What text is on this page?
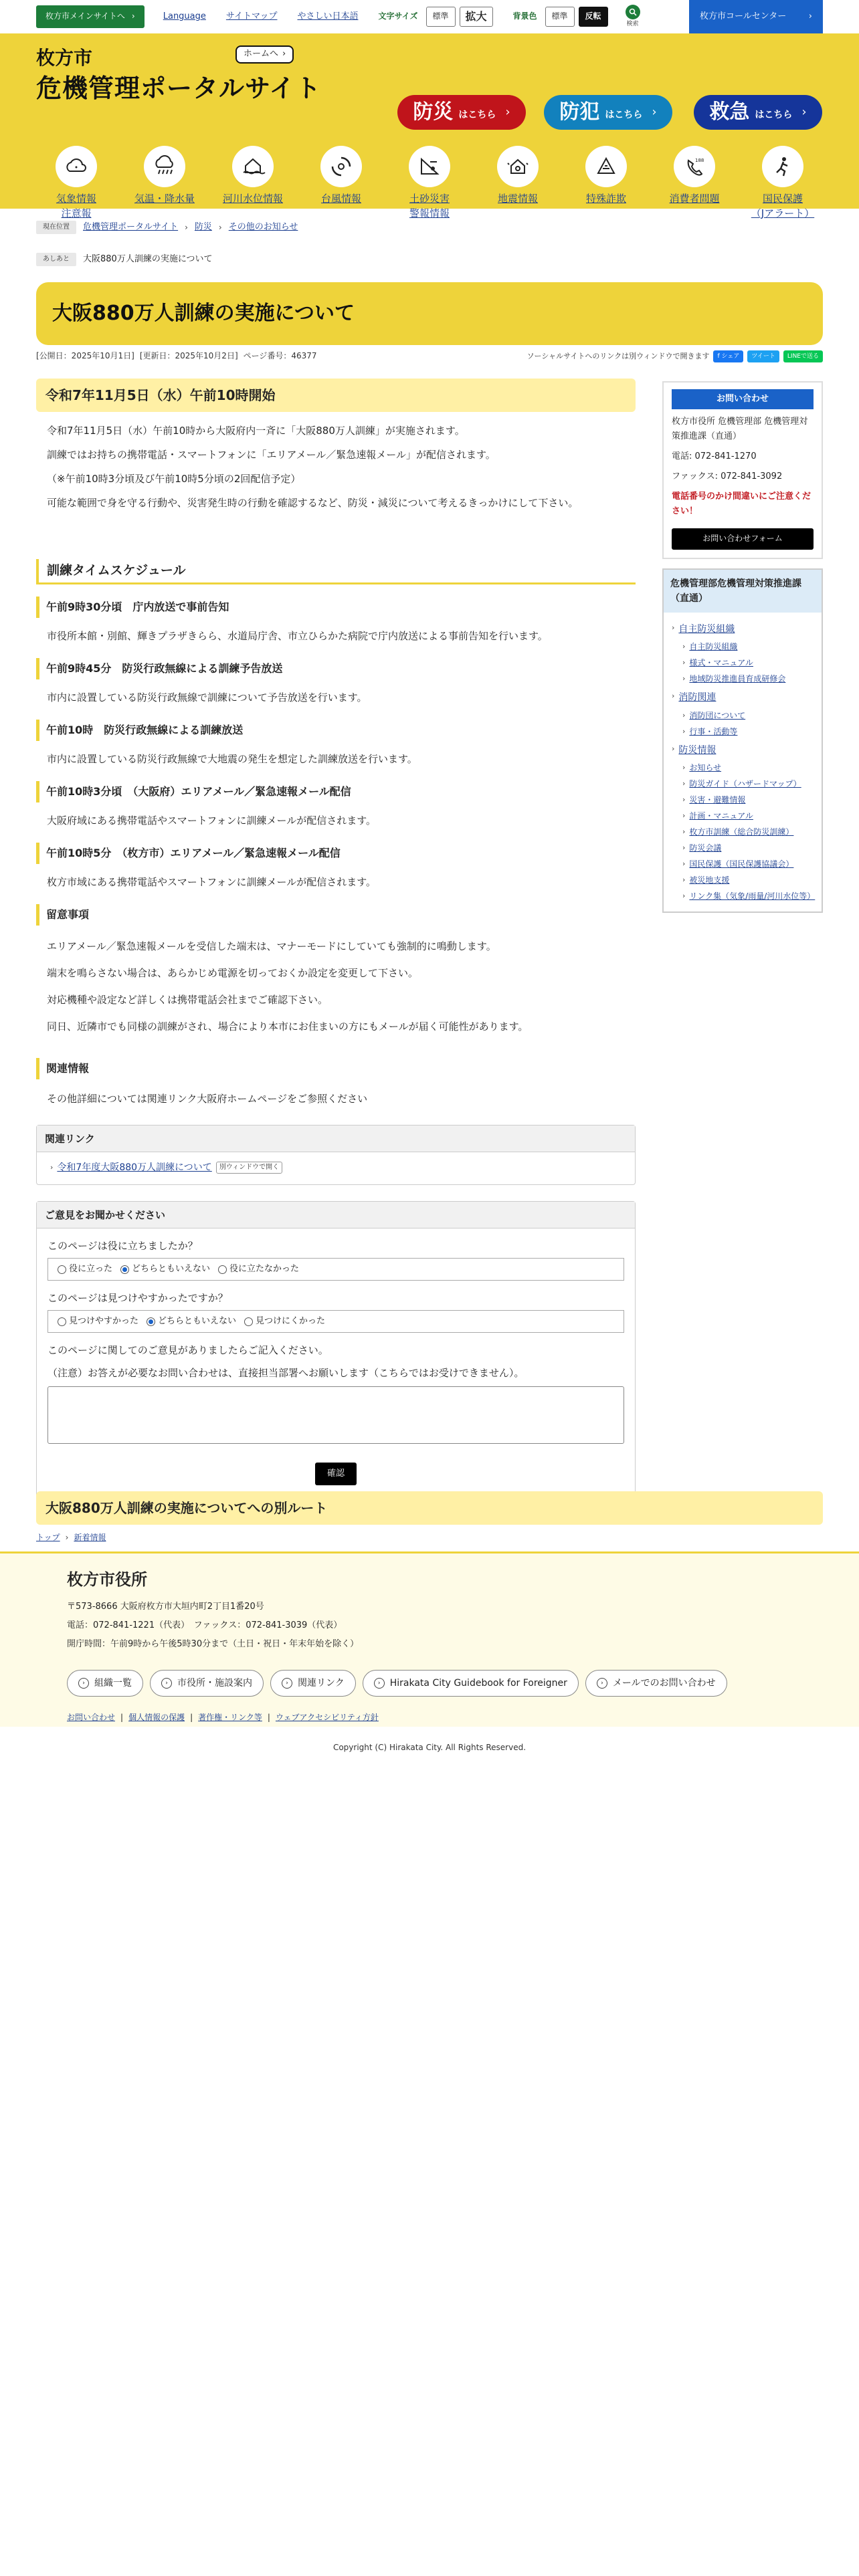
枚方市メインサイトへ ›	Language サイトマップ やさしい日本語	文字サイズ	標準	拡大	背景色	標準	反転
検索
枚方市コールセンター	›
枚方市
危機管理ポータルサイト
ホームへ ›
防災 はこちら › 防犯 はこちら ›	救急 はこちら ›
気象情報
注意報
気温・降水量	河川水位情報	台風情報	土砂災害
警報情報
地震情報	特殊詐欺
188
消費者問題	国民保護
（Jアラート）
現在位置	危機管理ポータルサイト › 防災 › その他のお知らせ
あしあと	大阪880万人訓練の実施について
大阪880万人訓練の実施について
[公開日：2025年10月1日] [更新日：2025年10月2日] ページ番号：46377	ソーシャルサイトへのリンクは別ウィンドウで開きます	f シェア	ツイート	LINEで送る
令和7年11月5日（水）午前10時開始

令和7年11月5日（水）午前10時から大阪府内一斉に「大阪880万人訓練」が実施されます。

訓練ではお持ちの携帯電話・スマートフォンに「エリアメール／緊急速報メール」が配信されます。

（※午前10時3分頃及び午前10時5分頃の2回配信予定）

可能な範囲で身を守る行動や、災害発生時の行動を確認するなど、防災・減災について考えるきっかけにして下さい。

訓練タイムスケジュール
午前9時30分頃　庁内放送で事前告知

市役所本館・別館、輝きプラザきらら、水道局庁舎、市立ひらかた病院で庁内放送による事前告知を行います。

午前9時45分　防災行政無線による訓練予告放送

市内に設置している防災行政無線で訓練について予告放送を行います。

午前10時　防災行政無線による訓練放送

市内に設置している防災行政無線で大地震の発生を想定した訓練放送を行います。

午前10時3分頃　（大阪府）エリアメール／緊急速報メール配信

大阪府域にある携帯電話やスマートフォンに訓練メールが配信されます。

午前10時5分　（枚方市）エリアメール／緊急速報メール配信

枚方市域にある携帯電話やスマートフォンに訓練メールが配信されます。

留意事項

エリアメール／緊急速報メールを受信した端末は、マナーモードにしていても強制的に鳴動します。

端末を鳴らさない場合は、あらかじめ電源を切っておくか設定を変更して下さい。

対応機種や設定など詳しくは携帯電話会社までご確認下さい。

同日、近隣市でも同様の訓練がされ、場合により本市にお住まいの方にもメールが届く可能性があります。

関連情報

その他詳細については関連リンク大阪府ホームページをご参照ください

関連リンク
› 令和7年度大阪880万人訓練について	別ウィンドウで開く
ご意見をお聞かせください

このページは役に立ちましたか？

役に立った どちらともいえない 役に立たなかった

このページは見つけやすかったですか？

見つけやすかった どちらともいえない 見つけにくかった

このページに関してのご意見がありましたらご記入ください。

（注意）お答えが必要なお問い合わせは、直接担当部署へお願いします（こちらではお受けできません）。

確認
お問い合わせ

枚方市役所 危機管理部 危機管理対策推進課（直通）

電話: 072-841-1270

ファックス: 072-841-3092

電話番号のかけ間違いにご注意ください！

お問い合わせフォーム
危機管理部危機管理対策推進課（直通）
› 自主防災組織
› 自主防災組織
› 様式・マニュアル
› 地域防災推進員育成研修会
› 消防関連
› 消防団について
› 行事・活動等
› 防災情報
› お知らせ
› 防災ガイド（ハザードマップ）
› 災害・避難情報
› 計画・マニュアル
› 枚方市訓練（総合防災訓練）
› 防災会議
› 国民保護（国民保護協議会）
› 被災地支援
› リンク集（気象/雨量/河川水位等）
大阪880万人訓練の実施についてへの別ルート
トップ › 新着情報
枚方市役所
〒573-8666 大阪府枚方市大垣内町2丁目1番20号
電話：072-841-1221（代表）　ファックス：072-841-3039（代表）
開庁時間：午前9時から午後5時30分まで（土日・祝日・年末年始を除く）
›	組織一覧	›	市役所・施設案内	›	関連リンク	›	Hirakata City Guidebook for Foreigner	›	メールでのお問い合わせ
お問い合わせ | 個人情報の保護 | 著作権・リンク等 | ウェブアクセシビリティ方針
Copyright (C) Hirakata City. All Rights Reserved.
